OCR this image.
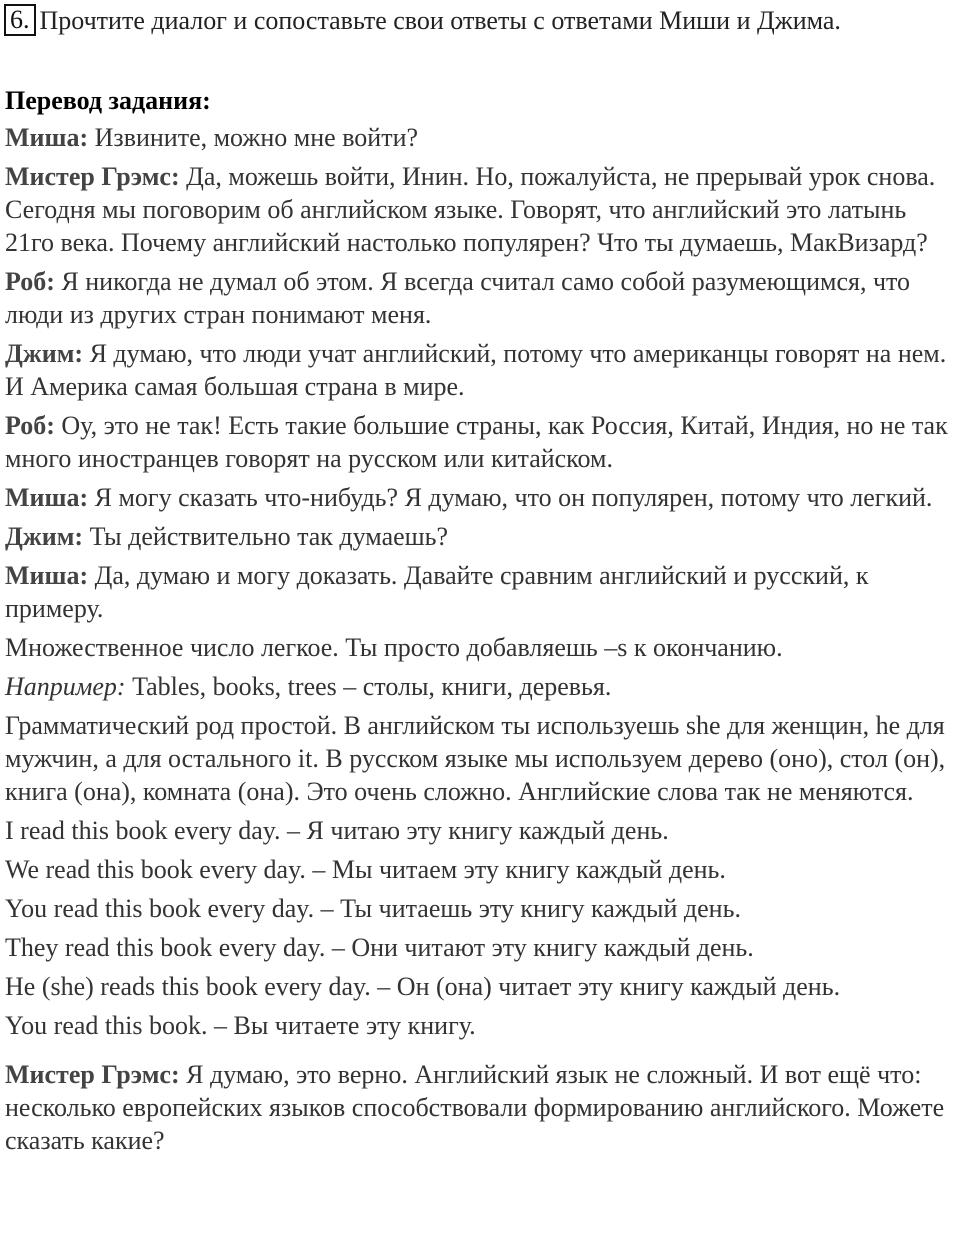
6. Прочтите диалог и сопоставьте свои ответы с ответами Миши и Джима.
Перевод задания:

Миша: Извините, можно мне войти?

Мистер Грэмс: Да, можешь войти, Инин. Но, пожалуйста, не прерывай урок снова. Сегодня мы поговорим об английском языке. Говорят, что английский это латынь 21го века. Почему английский настолько популярен? Что ты думаешь, МакВизард?

Роб: Я никогда не думал об этом. Я всегда считал само собой разумеющимся, что люди из других стран понимают меня.

Джим: Я думаю, что люди учат английский, потому что американцы говорят на нем. И Америка самая большая страна в мире.

Роб: Оу, это не так! Есть такие большие страны, как Россия, Китай, Индия, но не так много иностранцев говорят на русском или китайском.

Миша: Я могу сказать что-нибудь? Я думаю, что он популярен, потому что легкий.

Джим: Ты действительно так думаешь?

Миша: Да, думаю и могу доказать. Давайте сравним английский и русский, к примеру.

Множественное число легкое. Ты просто добавляешь –s к окончанию.

Например: Tables, books, trees – столы, книги, деревья.

Грамматический род простой. В английском ты используешь she для женщин, he для мужчин, а для остального it. В русском языке мы используем дерево (оно), стол (он), книга (она), комната (она). Это очень сложно. Английские слова так не меняются.

I read this book every day. – Я читаю эту книгу каждый день.

We read this book every day. – Мы читаем эту книгу каждый день.

You read this book every day. – Ты читаешь эту книгу каждый день.

They read this book every day. – Они читают эту книгу каждый день.

He (she) reads this book every day. – Он (она) читает эту книгу каждый день.

You read this book. – Вы читаете эту книгу.

Мистер Грэмс: Я думаю, это верно. Английский язык не сложный. И вот ещё что: несколько европейских языков способствовали формированию английского. Можете сказать какие?
